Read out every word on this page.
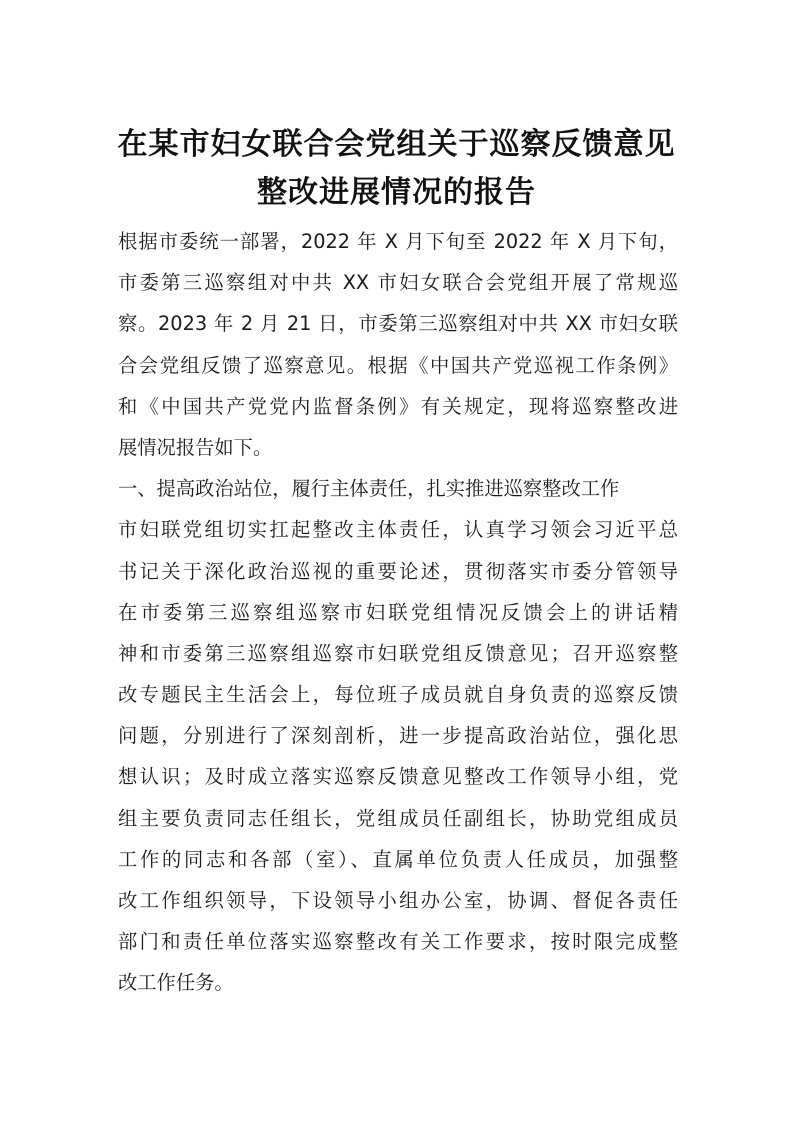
在某市妇女联合会党组关于巡察反馈意见
整改进展情况的报告
根据市委统一部署，2022 年 X 月下旬至 2022 年 X 月下旬，
市委第三巡察组对中共 XX 市妇女联合会党组开展了常规巡
察。2023 年 2 月 21 日，市委第三巡察组对中共 XX 市妇女联
合会党组反馈了巡察意见。根据《中国共产党巡视工作条例》
和《中国共产党党内监督条例》有关规定，现将巡察整改进
展情况报告如下。
一、提高政治站位，履行主体责任，扎实推进巡察整改工作
市妇联党组切实扛起整改主体责任，认真学习领会习近平总
书记关于深化政治巡视的重要论述，贯彻落实市委分管领导
在市委第三巡察组巡察市妇联党组情况反馈会上的讲话精
神和市委第三巡察组巡察市妇联党组反馈意见；召开巡察整
改专题民主生活会上，每位班子成员就自身负责的巡察反馈
问题，分别进行了深刻剖析，进一步提高政治站位，强化思
想认识；及时成立落实巡察反馈意见整改工作领导小组，党
组主要负责同志任组长，党组成员任副组长，协助党组成员
工作的同志和各部（室）、直属单位负责人任成员，加强整
改工作组织领导，下设领导小组办公室，协调、督促各责任
部门和责任单位落实巡察整改有关工作要求，按时限完成整
改工作任务。
